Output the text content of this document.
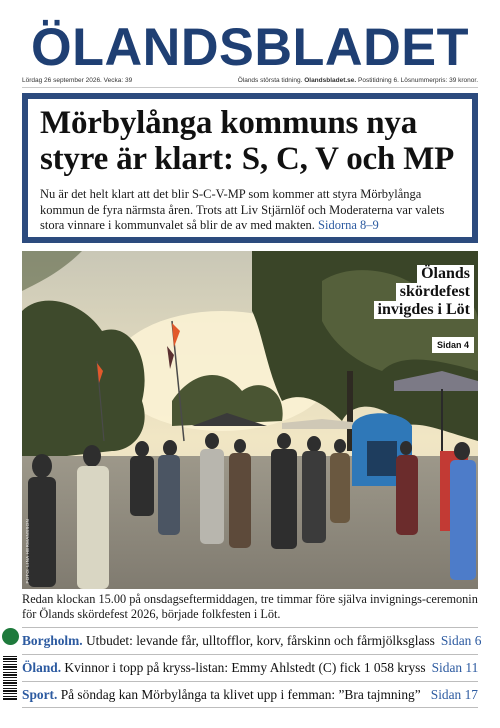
ÖLANDSBLADET
Lördag 26 september 2026. Vecka: 39	Ölands största tidning. Olandsbladet.se. Postitidning 6. Lösnummerpris: 39 kronor.
Mörbylånga kommuns nya styre är klart: S, C, V och MP

Nu är det helt klart att det blir S-C-V-MP som kommer att styra Mörbylånga kommun de fyra närmsta åren. Trots att Liv Stjärnlöf och Moderaterna var valets stora vinnare i kommunvalet så blir de av med makten. Sidorna 8–9

FOTO: LINA HERMANSSON
Ölands
skördefest
invigdes i Löt
Sidan 4

Redan klockan 15.00 på onsdagseftermiddagen, tre timmar före själva invignings-ceremonin för Ölands skördefest 2026, började folkfesten i Löt.

Borgholm. Utbudet: levande får, ulltofflor, korv, fårskinn och fårmjölksglass Sidan 6
Öland. Kvinnor i topp på kryss-listan: Emmy Ahlstedt (C) fick 1 058 kryss Sidan 11
Sport. På söndag kan Mörbylånga ta klivet upp i femman: ”Bra tajmning” Sidan 17
